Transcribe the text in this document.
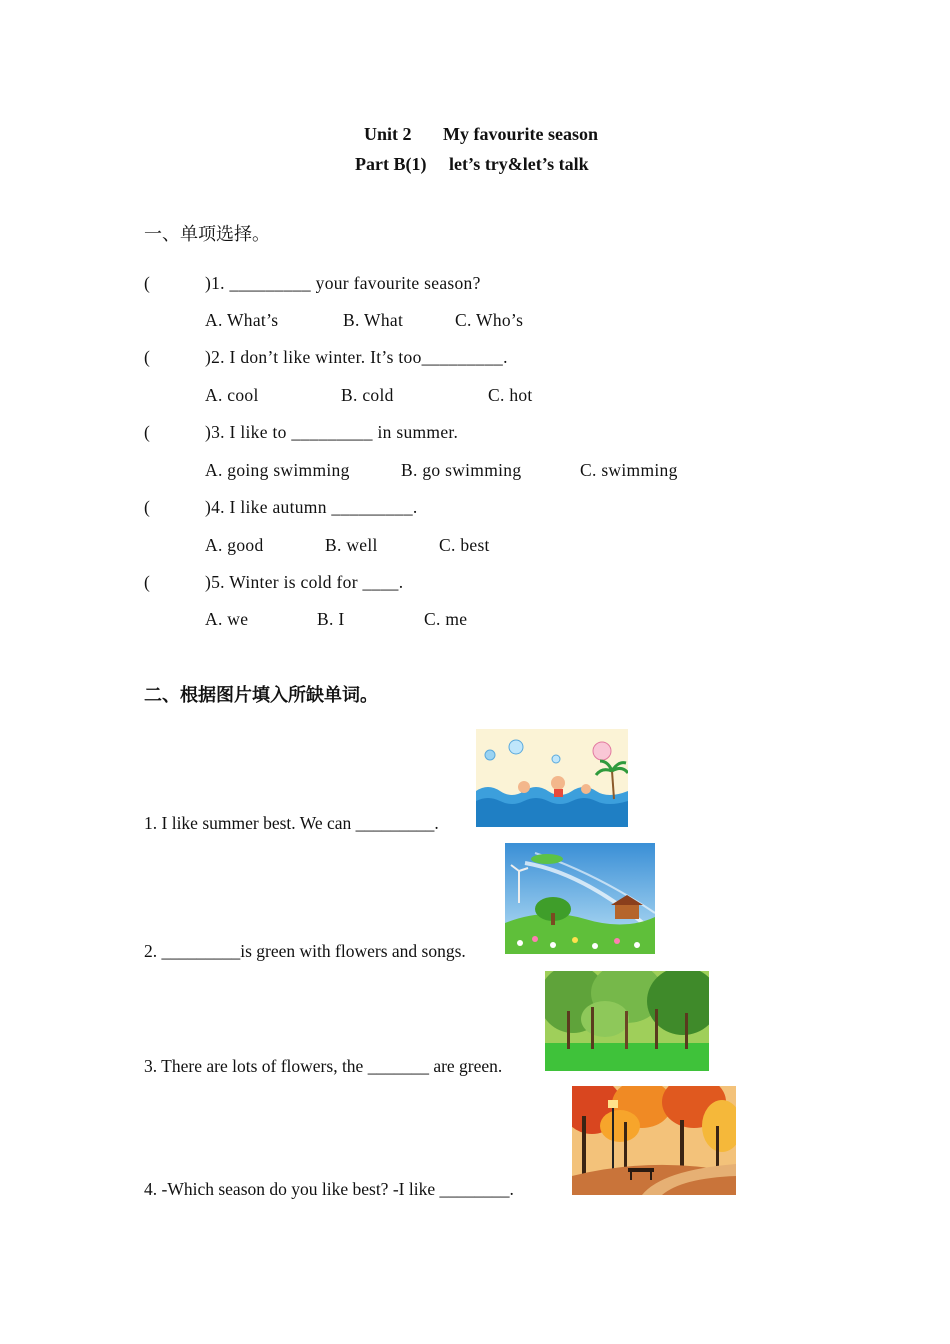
Unit 2 My favourite season
Part B(1) let’s try&let’s talk
一、单项选择。
(	)1. _________ your favourite season?
A. What’s	B. What	C. Who’s
(	)2. I don’t like winter. It’s too_________.
A. cool	B. cold	C. hot
(	)3. I like to _________ in summer.
A. going swimming	B. go swimming	C. swimming
(	)4. I like autumn _________.
A. good	B. well	C. best
(	)5. Winter is cold for ____.
A. we	B. I	C. me
二、根据图片填入所缺单词。
1. I like summer best. We can _________.
2. _________is green with flowers and songs.
3. There are lots of flowers, the _______ are green.
4. -Which season do you like best? -I like ________.
